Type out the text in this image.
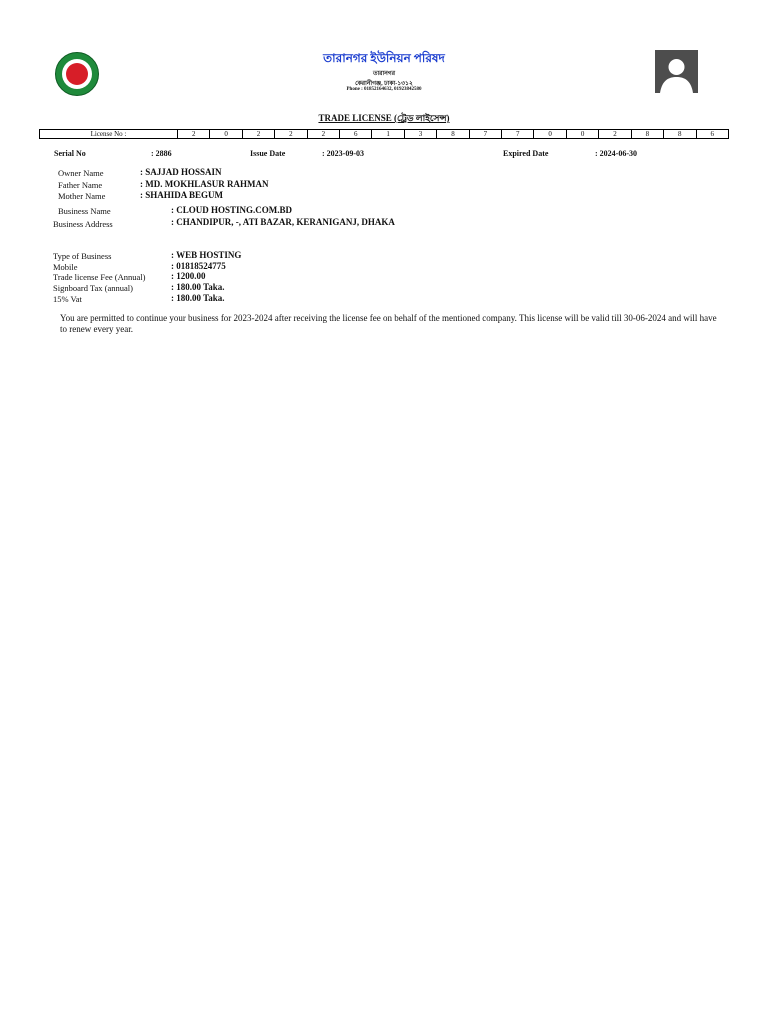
তারানগর ইউনিয়ন পরিষদ
তারানগর
কেরানীগঞ্জ, ঢাকা-১৩১২
Phone : 01852164632, 01923842580
TRADE LICENSE (ট্রেড লাইসেন্স)
License No :	2	0	2	2	2	6	1	3	8	7	7	0	0	2	8	8	6
Serial No	: 2886	Issue Date	: 2023-09-03	Expired Date	: 2024-06-30
Owner Name	: SAJJAD HOSSAIN
Father Name	: MD. MOKHLASUR RAHMAN
Mother Name	: SHAHIDA BEGUM
Business Name	: CLOUD HOSTING.COM.BD
Business Address	: CHANDIPUR, -, ATI BAZAR, KERANIGANJ, DHAKA
Type of Business	: WEB HOSTING
Mobile	: 01818524775
Trade license Fee (Annual)	: 1200.00
Signboard Tax (annual)	: 180.00 Taka.
15% Vat	: 180.00 Taka.
You are permitted to continue your business for 2023-2024 after receiving the license fee on behalf of the mentioned company. This license will be valid till 30-06-2024 and will have to renew every year.
